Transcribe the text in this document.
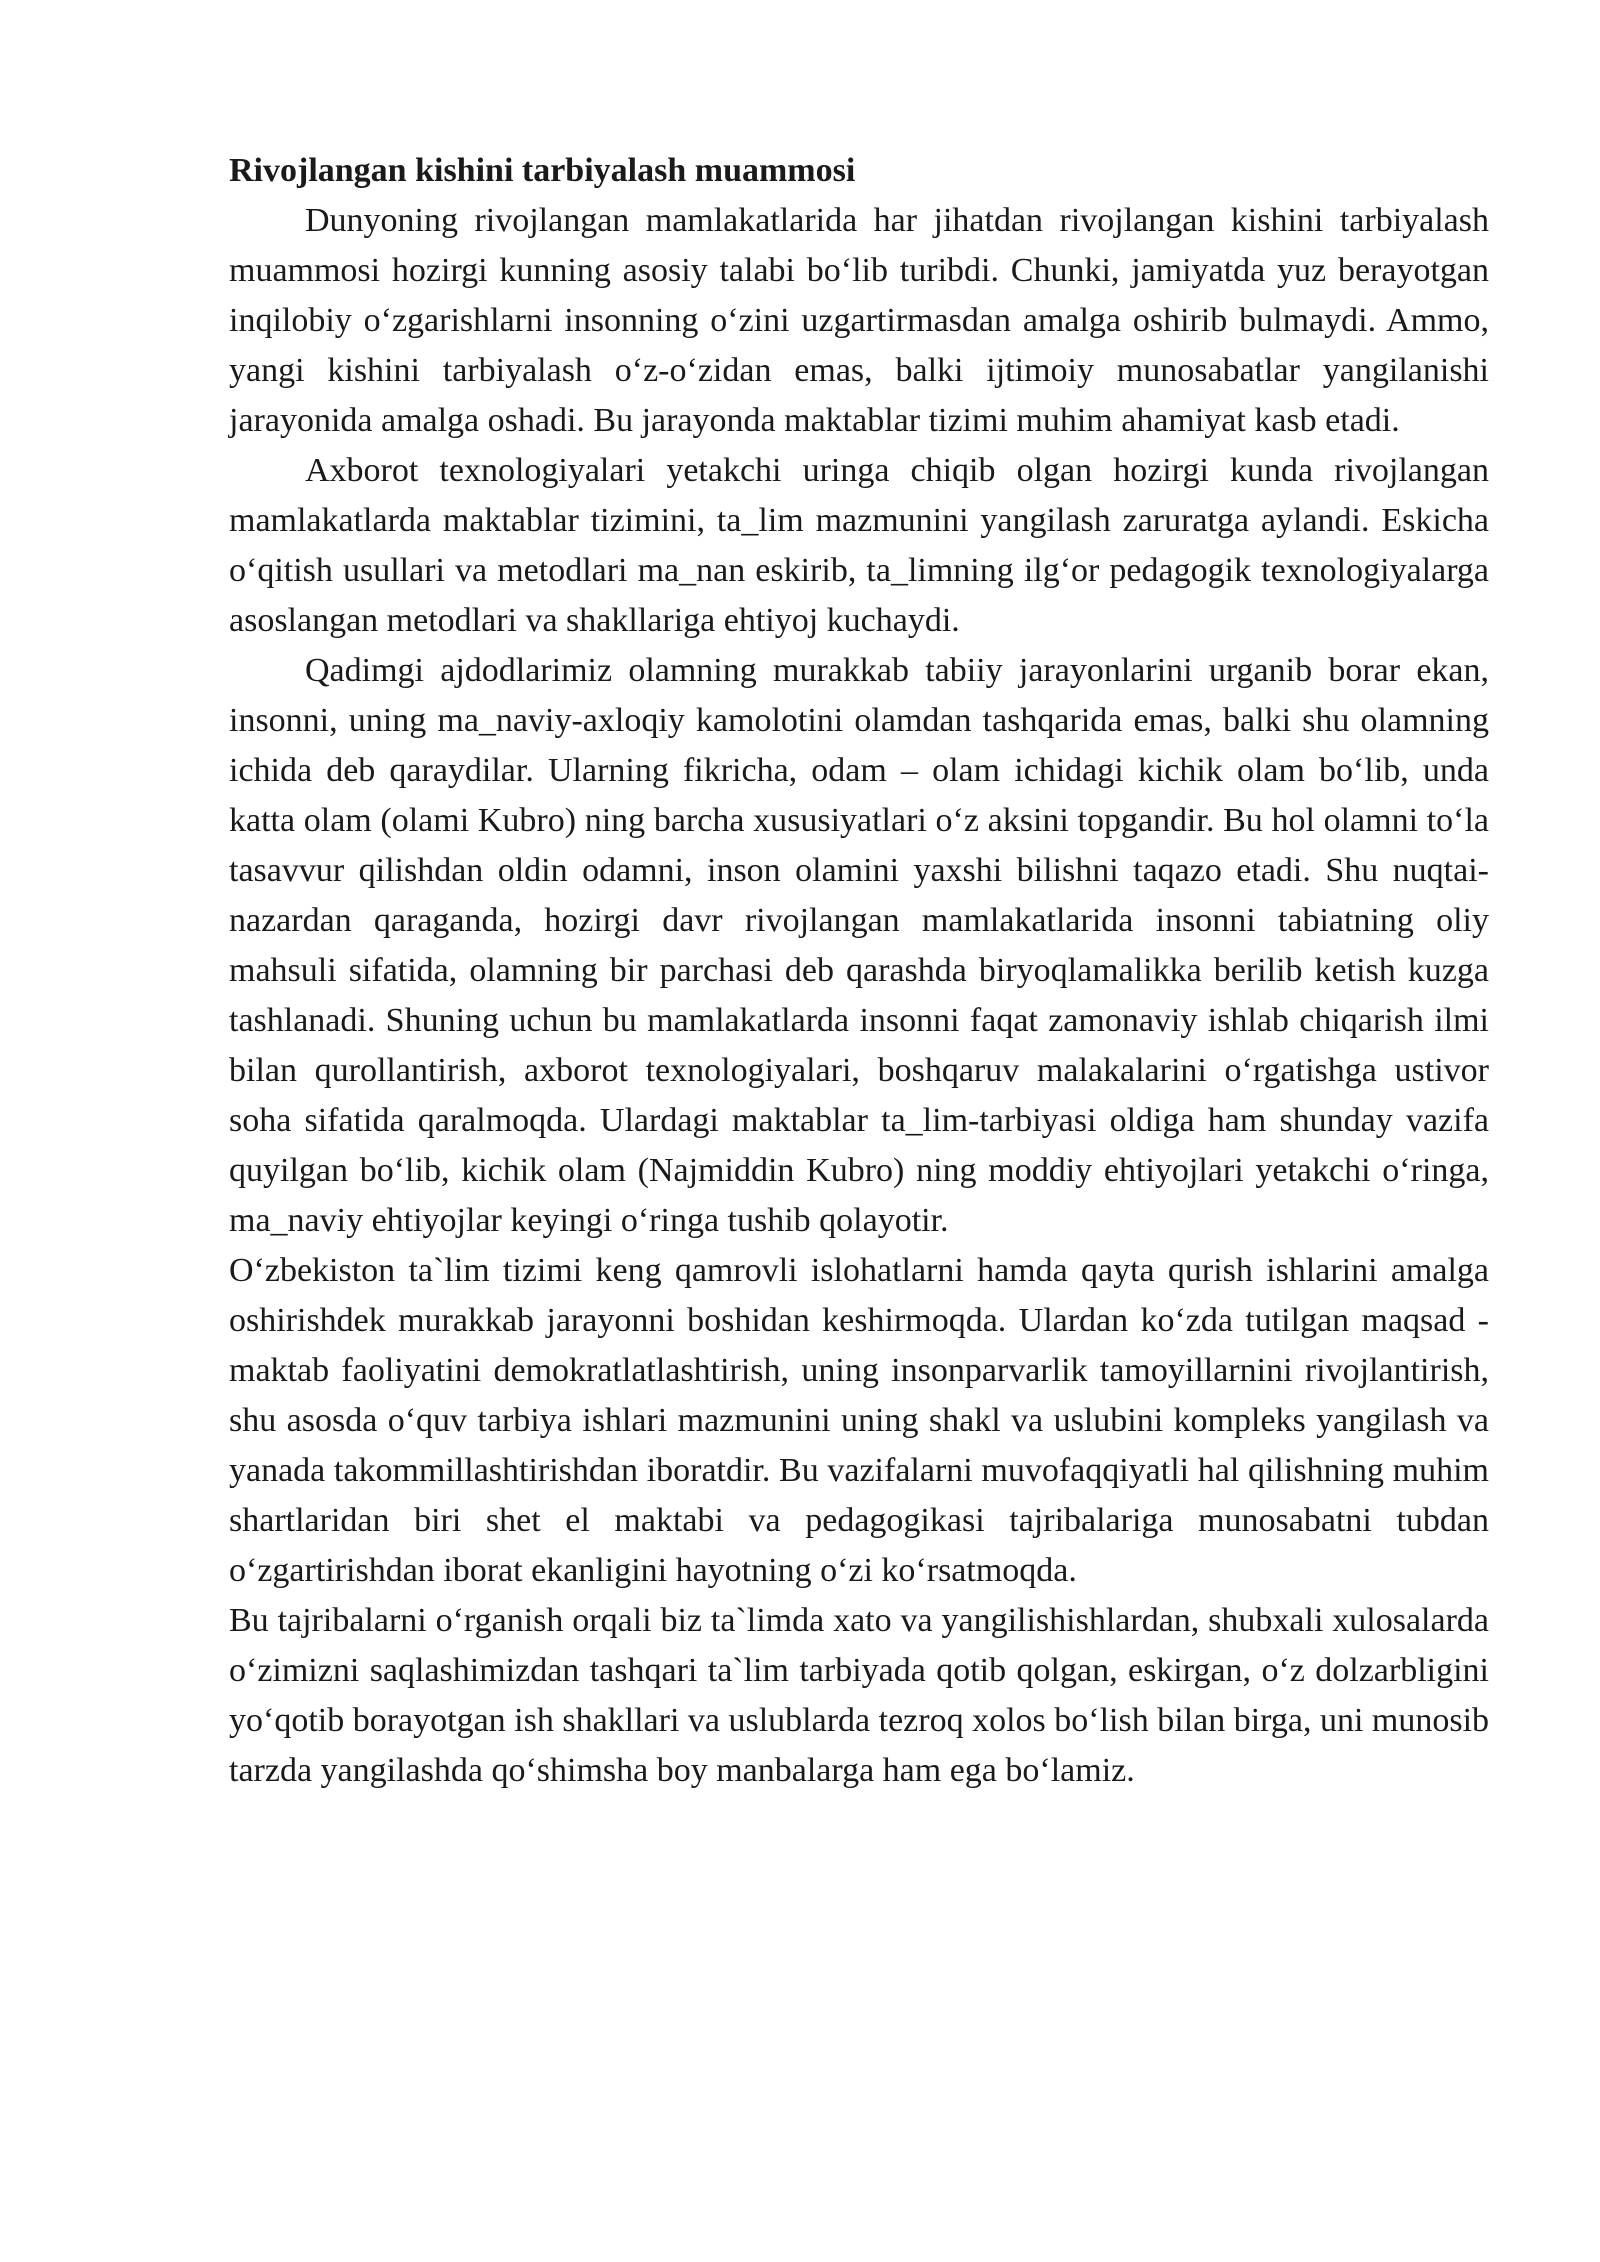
Rivojlangan kishini tarbiyalash muammosi

Dunyoning rivojlangan mamlakatlarida har jihatdan rivojlangan kishini tarbiyalash muammosi hozirgi kunning asosiy talabi bo‘lib turibdi. Chunki, jamiyatda yuz berayotgan inqilobiy o‘zgarishlarni insonning o‘zini uzgartirmasdan amalga oshirib bulmaydi. Ammo, yangi kishini tarbiyalash o‘z-o‘zidan emas, balki ijtimoiy munosabatlar yangilanishi jarayonida amalga oshadi. Bu jarayonda maktablar tizimi muhim ahamiyat kasb etadi.

Axborot texnologiyalari yetakchi uringa chiqib olgan hozirgi kunda rivojlangan mamlakatlarda maktablar tizimini, ta_lim mazmunini yangilash zaruratga aylandi. Eskicha o‘qitish usullari va metodlari ma_nan eskirib, ta_limning ilg‘or pedagogik texnologiyalarga asoslangan metodlari va shakllariga ehtiyoj kuchaydi.

Qadimgi ajdodlarimiz olamning murakkab tabiiy jarayonlarini urganib borar ekan, insonni, uning ma_naviy-axloqiy kamolotini olamdan tashqarida emas, balki shu olamning ichida deb qaraydilar. Ularning fikricha, odam – olam ichidagi kichik olam bo‘lib, unda katta olam (olami Kubro) ning barcha xususiyatlari o‘z aksini topgandir. Bu hol olamni to‘la tasavvur qilishdan oldin odamni, inson olamini yaxshi bilishni taqazo etadi. Shu nuqtai-nazardan qaraganda, hozirgi davr rivojlangan mamlakatlarida insonni tabiatning oliy mahsuli sifatida, olamning bir parchasi deb qarashda biryoqlamalikka berilib ketish kuzga tashlanadi. Shuning uchun bu mamlakatlarda insonni faqat zamonaviy ishlab chiqarish ilmi bilan qurollantirish, axborot texnologiyalari, boshqaruv malakalarini o‘rgatishga ustivor soha sifatida qaralmoqda. Ulardagi maktablar ta_lim-tarbiyasi oldiga ham shunday vazifa quyilgan bo‘lib, kichik olam (Najmiddin Kubro) ning moddiy ehtiyojlari yetakchi o‘ringa, ma_naviy ehtiyojlar keyingi o‘ringa tushib qolayotir.

O‘zbekiston ta`lim tizimi keng qamrovli islohatlarni hamda qayta qurish ishlarini amalga oshirishdek murakkab jarayonni boshidan keshirmoqda. Ulardan ko‘zda tutilgan maqsad - maktab faoliyatini demokratlatlashtirish, uning insonparvarlik tamoyillarnini rivojlantirish, shu asosda o‘quv tarbiya ishlari mazmunini uning shakl va uslubini kompleks yangilash va yanada takommillashtirishdan iboratdir. Bu vazifalarni muvofaqqiyatli hal qilishning muhim shartlaridan biri shet el maktabi va pedagogikasi tajribalariga munosabatni tubdan o‘zgartirishdan iborat ekanligini hayotning o‘zi ko‘rsatmoqda.

Bu tajribalarni o‘rganish orqali biz ta`limda xato va yangilishishlardan, shubxali xulosalarda o‘zimizni saqlashimizdan tashqari ta`lim tarbiyada qotib qolgan, eskirgan, o‘z dolzarbligini yo‘qotib borayotgan ish shakllari va uslublarda tezroq xolos bo‘lish bilan birga, uni munosib tarzda yangilashda qo‘shimsha boy manbalarga ham ega bo‘lamiz.
